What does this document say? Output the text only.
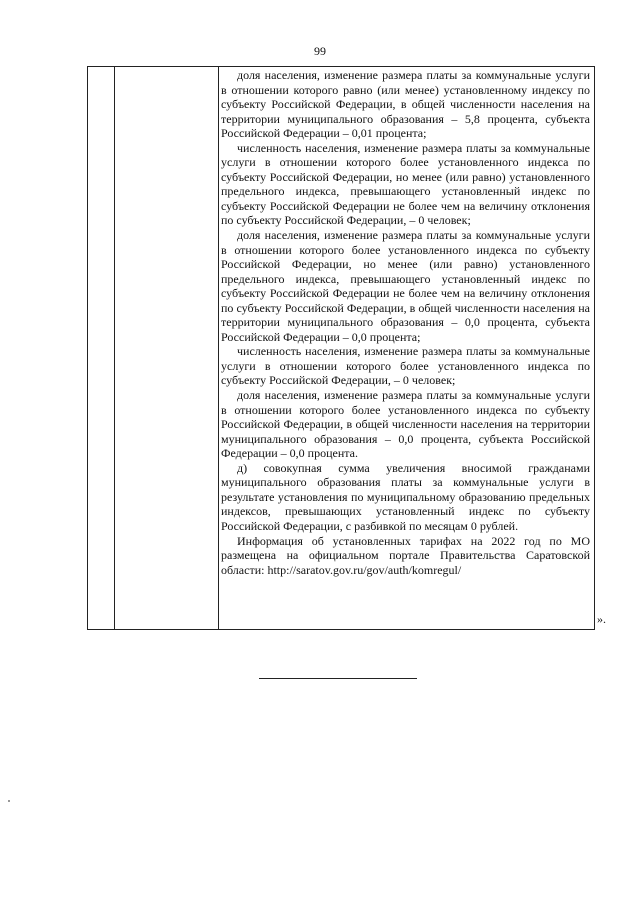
99

доля населения, изменение размера платы за коммунальные услуги в отношении которого равно (или менее) установленному индексу по субъекту Российской Федерации, в общей численности населения на территории муниципального образования – 5,8 процента, субъекта Российской Федерации – 0,01 процента;

численность населения, изменение размера платы за коммунальные услуги в отношении которого более установленного индекса по субъекту Российской Федерации, но менее (или равно) установленного предельного индекса, превышающего установленный индекс по субъекту Российской Федерации не более чем на величину отклонения по субъекту Российской Федерации, – 0 человек;

доля населения, изменение размера платы за коммунальные услуги в отношении которого более установленного индекса по субъекту Российской Федерации, но менее (или равно) установленного предельного индекса, превышающего установленный индекс по субъекту Российской Федерации не более чем на величину отклонения по субъекту Российской Федерации, в общей численности населения на территории муниципального образования – 0,0 процента, субъекта Российской Федерации – 0,0 процента;

численность населения, изменение размера платы за коммунальные услуги в отношении которого более установленного индекса по субъекту Российской Федерации, – 0 человек;

доля населения, изменение размера платы за коммунальные услуги в отношении которого более установленного индекса по субъекту Российской Федерации, в общей численности населения на территории муниципального образования – 0,0 процента, субъекта Российской Федерации – 0,0 процента.

д) совокупная сумма увеличения вносимой гражданами муниципального образования платы за коммунальные услуги в результате установления по муниципальному образованию предельных индексов, превышающих установленный индекс по субъекту Российской Федерации, с разбивкой по месяцам 0 рублей.

Информация об установленных тарифах на 2022 год по МО размещена на официальном портале Правительства Саратовской области: http://saratov.gov.ru/gov/auth/komregul/

».
